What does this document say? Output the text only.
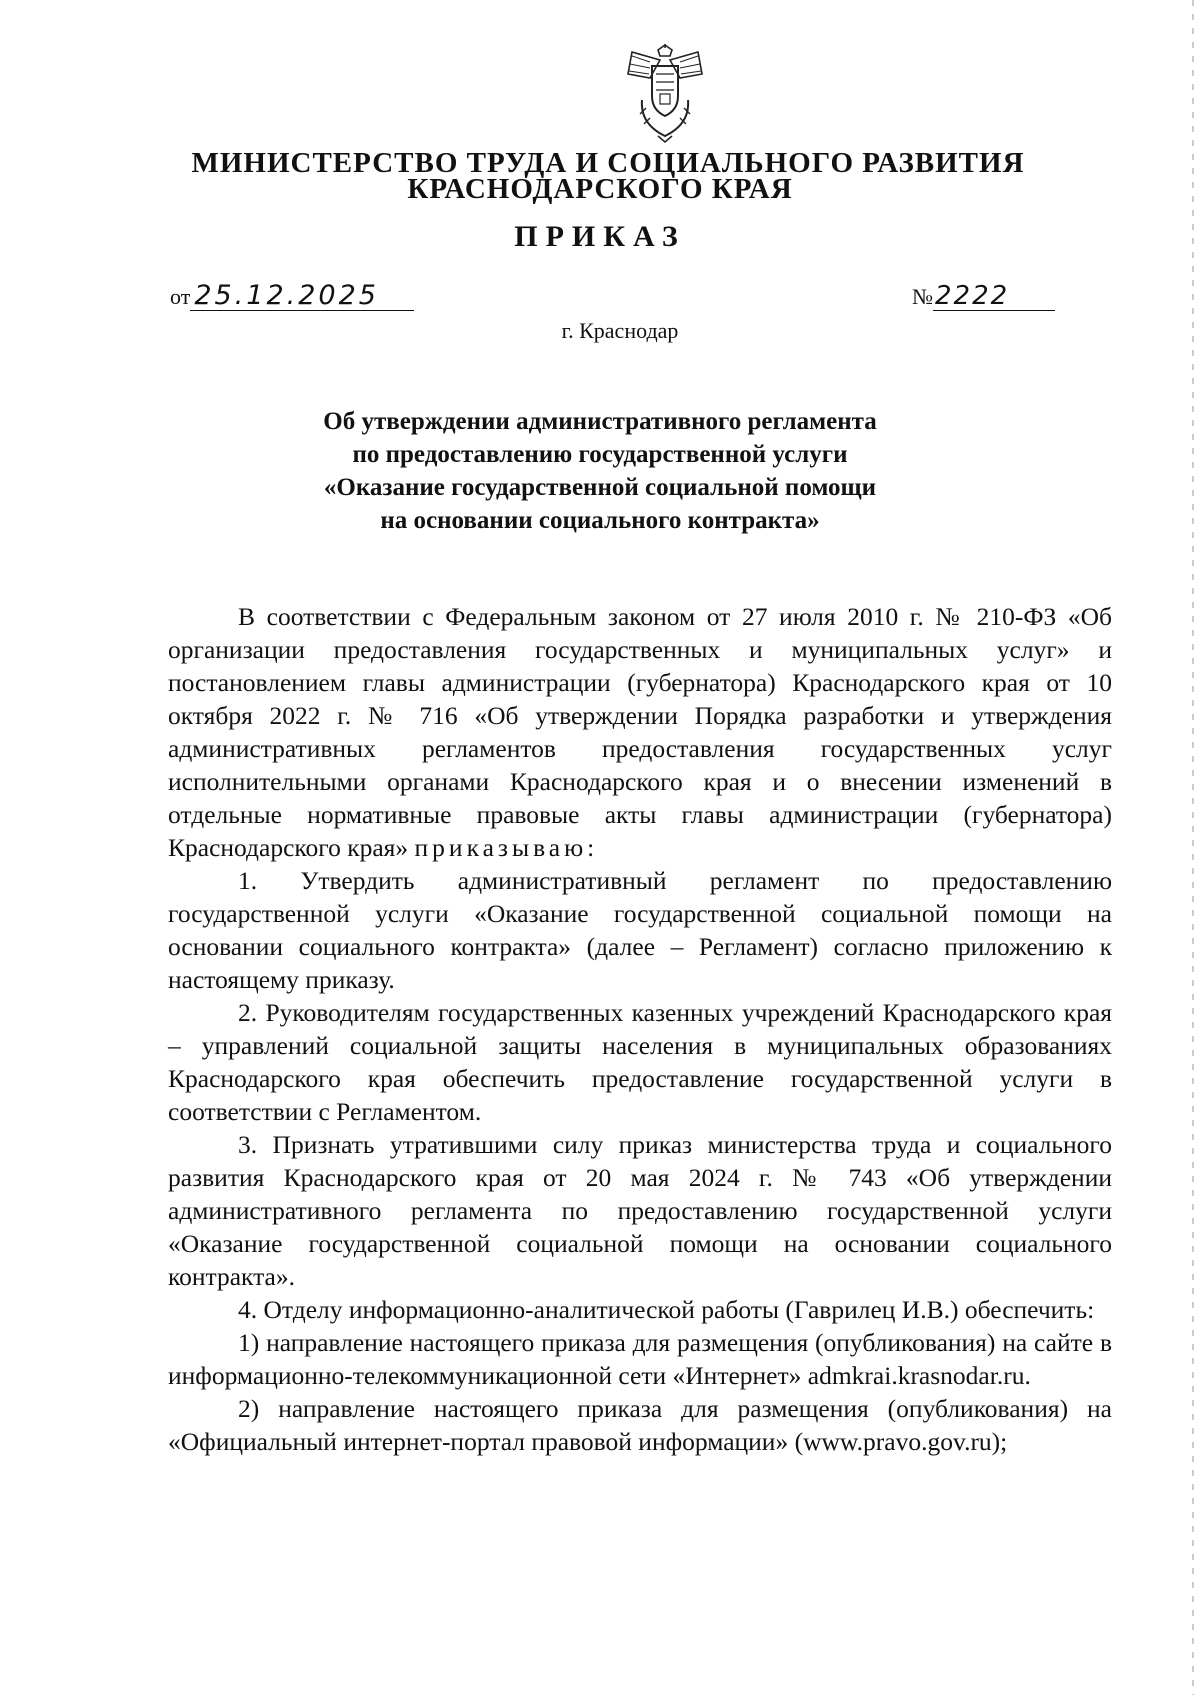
МИНИСТЕРСТВО ТРУДА И СОЦИАЛЬНОГО РАЗВИТИЯ
КРАСНОДАРСКОГО КРАЯ
ПРИКАЗ
от 25.12.2025	№2222
г. Краснодар
Об утверждении административного регламента
по предоставлению государственной услуги
«Оказание государственной социальной помощи
на основании социального контракта»

В соответствии с Федеральным законом от 27 июля 2010 г. № 210-ФЗ «Об организации предоставления государственных и муниципальных услуг» и постановлением главы администрации (губернатора) Краснодарского края от 10 октября 2022 г. № 716 «Об утверждении Порядка разработки и утверждения административных регламентов предоставления государственных услуг исполнительными органами Краснодарского края и о внесении изменений в отдельные нормативные правовые акты главы администрации (губернатора) Краснодарского края» приказываю:

1. Утвердить административный регламент по предоставлению государственной услуги «Оказание государственной социальной помощи на основании социального контракта» (далее – Регламент) согласно приложению к настоящему приказу.

2. Руководителям государственных казенных учреждений Краснодарского края – управлений социальной защиты населения в муниципальных образованиях Краснодарского края обеспечить предоставление государственной услуги в соответствии с Регламентом.

3. Признать утратившими силу приказ министерства труда и социального развития Краснодарского края от 20 мая 2024 г. № 743 «Об утверждении административного регламента по предоставлению государственной услуги «Оказание государственной социальной помощи на основании социального контракта».

4. Отделу информационно-аналитической работы (Гаврилец И.В.) обеспечить:

1) направление настоящего приказа для размещения (опубликования) на сайте в информационно-телекоммуникационной сети «Интернет» admkrai.krasnodar.ru.

2) направление настоящего приказа для размещения (опубликования) на «Официальный интернет-портал правовой информации» (www.pravo.gov.ru);
